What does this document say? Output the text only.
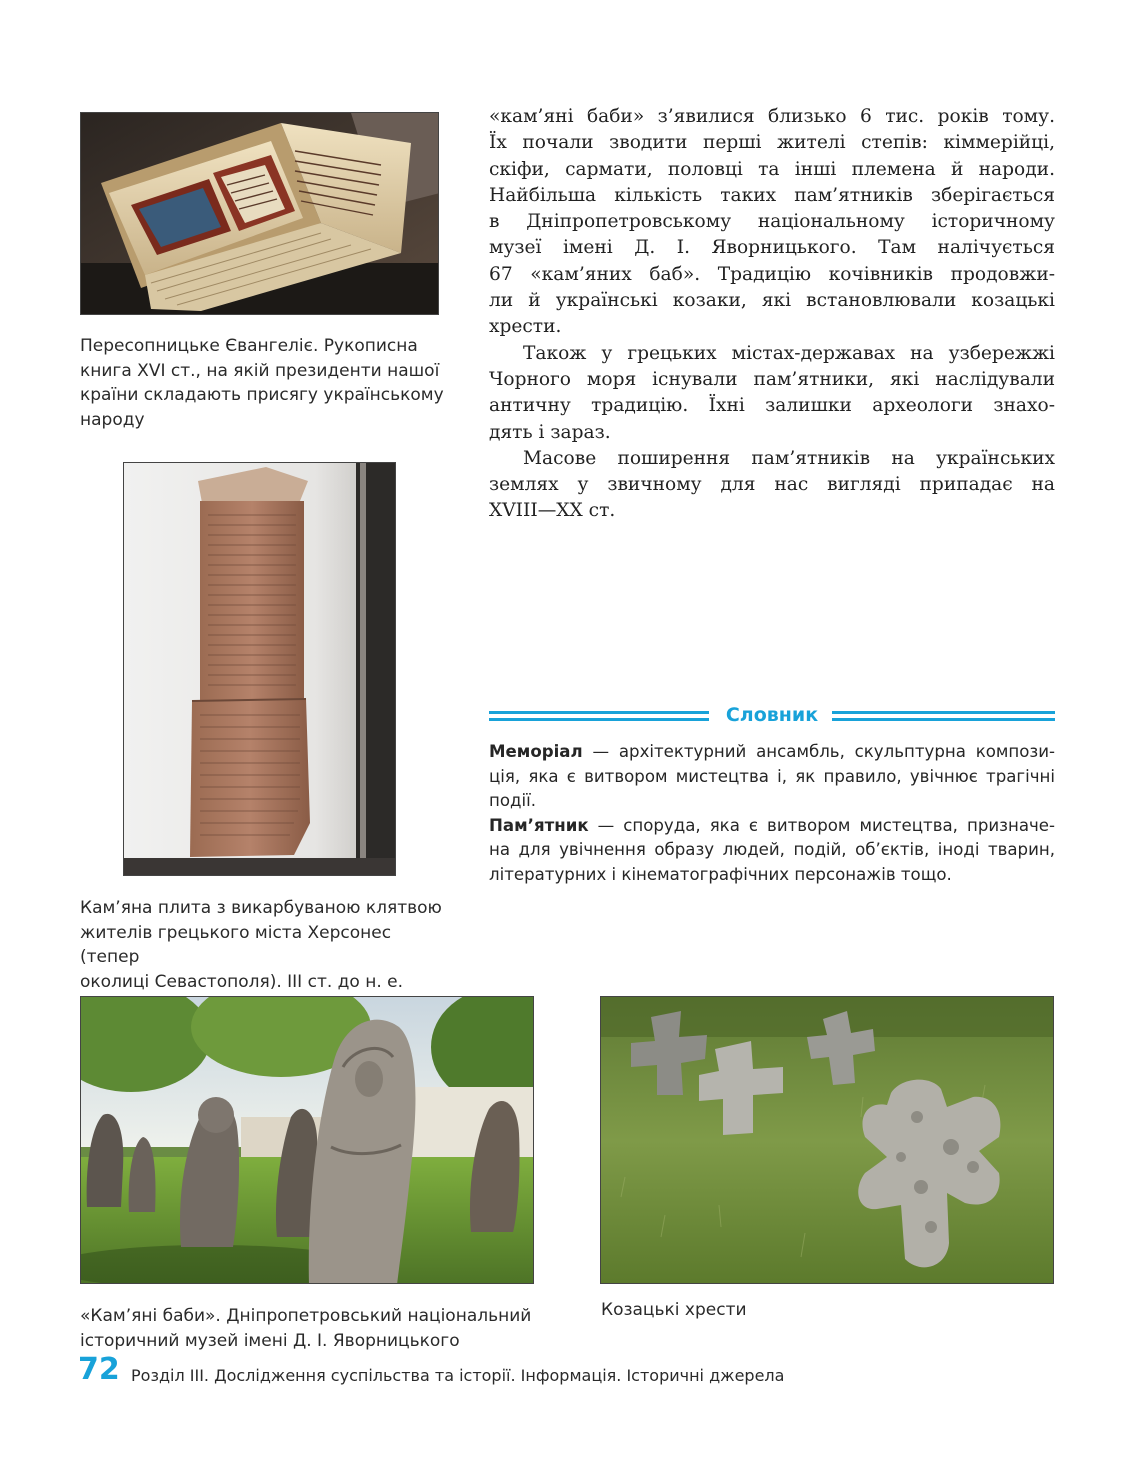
Пересопницьке Євангеліє. Рукописна
книга XVI ст., на якій президенти нашої
країни складають присягу українському
народу
Кам’яна плита з викарбуваною клятвою
жителів грецького міста Херсонес (тепер
околиці Севастополя). III ст. до н. е.
«кам’яні баби» з’явилися близько 6 тис. років тому.
Їх почали зводити перші жителі степів: кіммерійці,
скіфи, сармати, половці та інші племена й народи.
Найбільша кількість таких пам’ятників зберігається
в Дніпропетровському національному історичному
музеї імені Д. І. Яворницького. Там налічується
67 «кам’яних баб». Традицію кочівників продовжи-
ли й українські козаки, які встановлювали козацькі
хрести.
Також у грецьких містах-державах на узбережжі
Чорного моря існували пам’ятники, які наслідували
античну традицію. Їхні залишки археологи знахо-
дять і зараз.
Масове поширення пам’ятників на українських
землях у звичному для нас вигляді припадає на
XVIII—XX ст.
Словник
Меморіал — архітектурний ансамбль, скульптурна компози-
ція, яка є витвором мистецтва і, як правило, увічнює трагічні
події.
Пам’ятник — споруда, яка є витвором мистецтва, призначе-
на для увічнення образу людей, подій, об’єктів, іноді тварин,
літературних і кінематографічних персонажів тощо.
«Кам’яні баби». Дніпропетровський національний
історичний музей імені Д. І. Яворницького
Козацькі хрести
72 Розділ III. Дослідження суспільства та історії. Інформація. Історичні джерела
